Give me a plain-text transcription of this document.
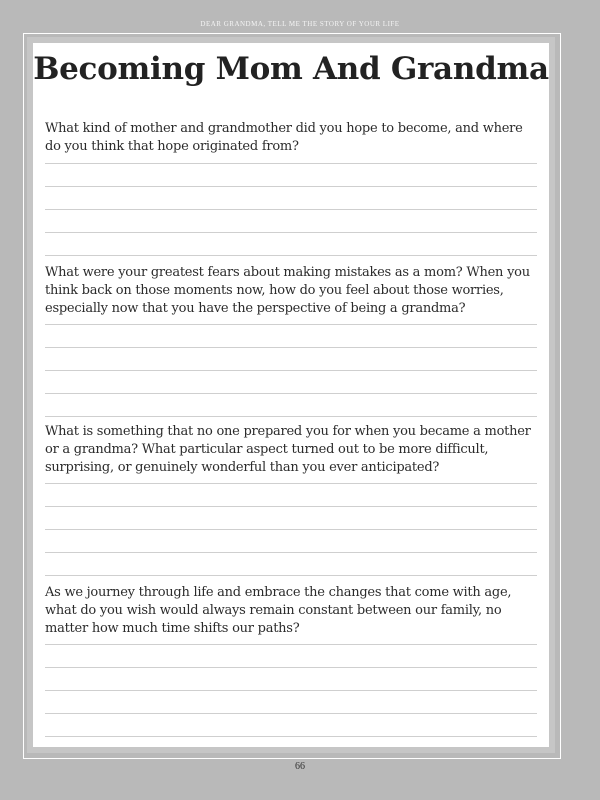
DEAR GRANDMA, TELL ME THE STORY OF YOUR LIFE
Becoming Mom And Grandma

What kind of mother and grandmother did you hope to become, and where do you think that hope originated from?

What were your greatest fears about making mistakes as a mom? When you think back on those moments now, how do you feel about those worries, especially now that you have the perspective of being a grandma?

What is something that no one prepared you for when you became a mother or a grandma? What particular aspect turned out to be more difficult, surprising, or genuinely wonderful than you ever anticipated?

As we journey through life and embrace the changes that come with age, what do you wish would always remain constant between our family, no matter how much time shifts our paths?

66
